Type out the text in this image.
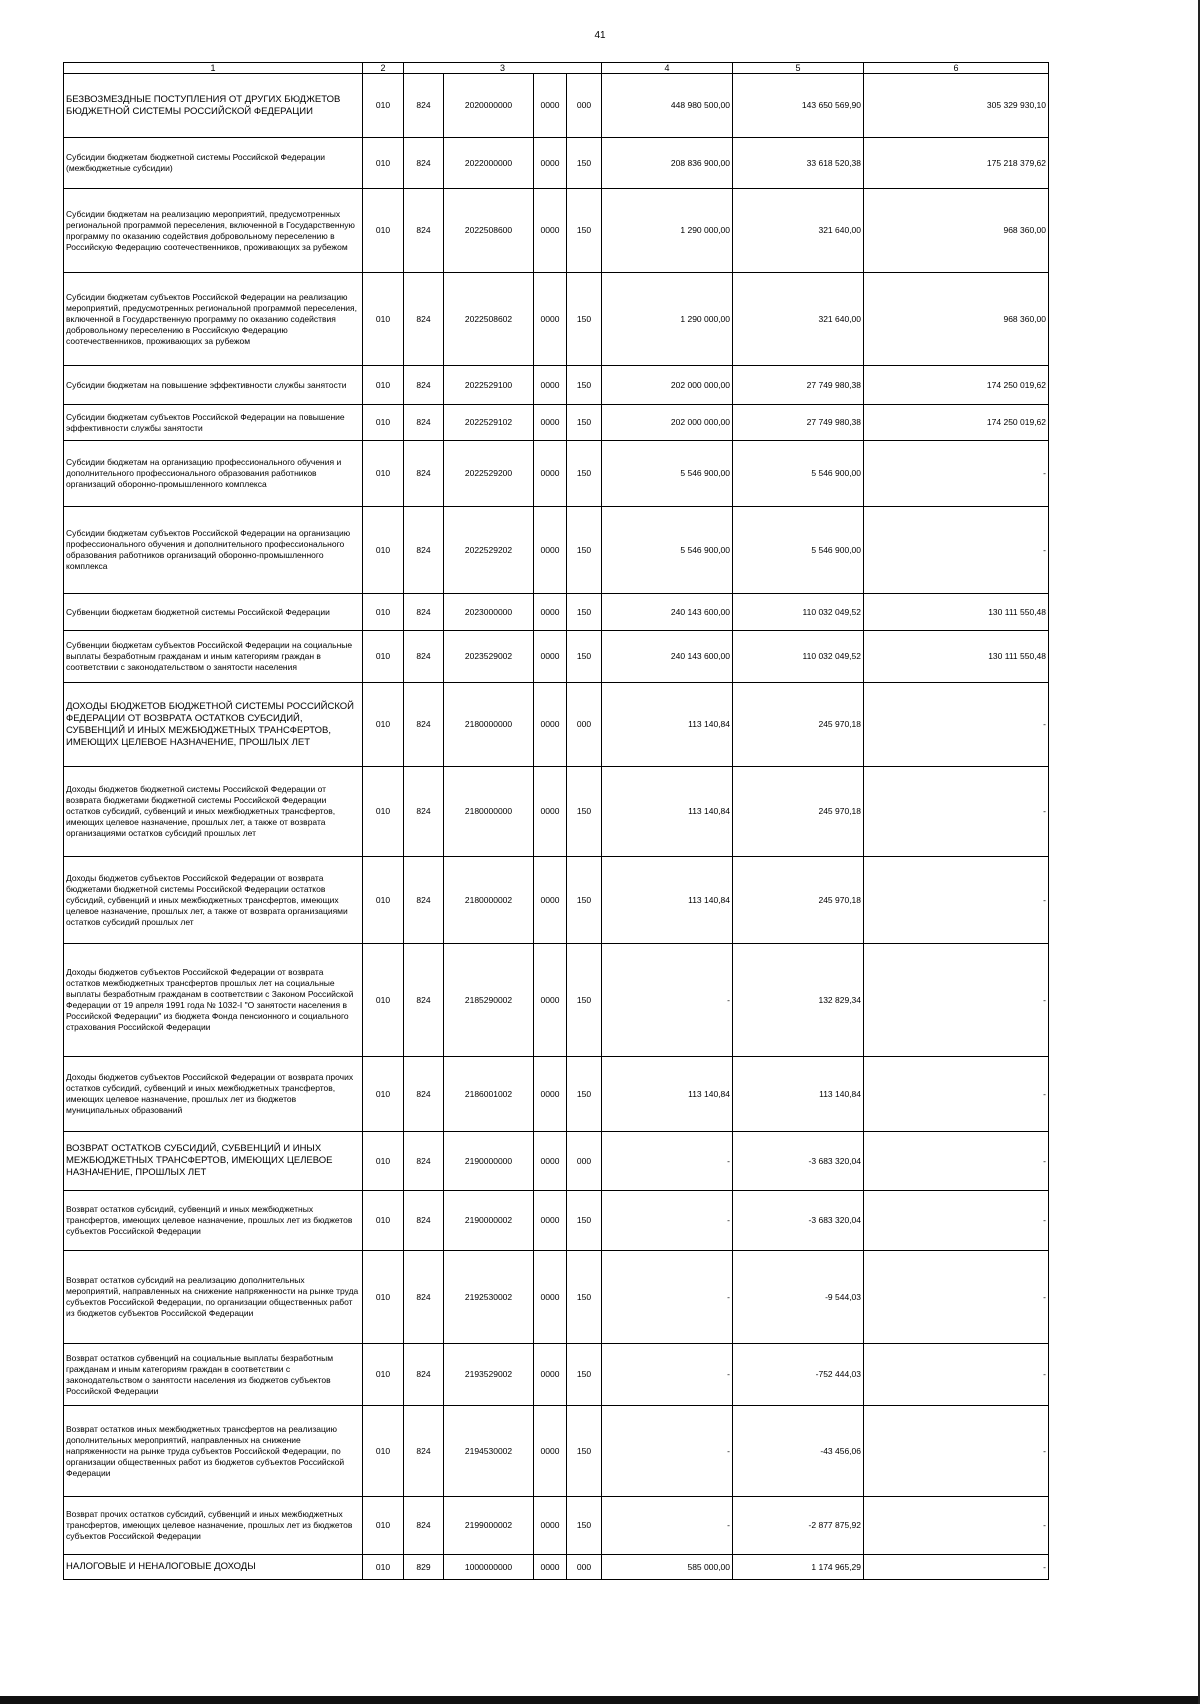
41
1	2	3				4	5	6
БЕЗВОЗМЕЗДНЫЕ ПОСТУПЛЕНИЯ ОТ ДРУГИХ БЮДЖЕТОВ БЮДЖЕТНОЙ СИСТЕМЫ РОССИЙСКОЙ ФЕДЕРАЦИИ	010	824	2020000000	0000	000	448 980 500,00	143 650 569,90	305 329 930,10
Субсидии бюджетам бюджетной системы Российской Федерации (межбюджетные субсидии)	010	824	2022000000	0000	150	208 836 900,00	33 618 520,38	175 218 379,62
Субсидии бюджетам на реализацию мероприятий, предусмотренных региональной программой переселения, включенной в Государственную программу по оказанию содействия добровольному переселению в Российскую Федерацию соотечественников, проживающих за рубежом	010	824	2022508600	0000	150	1 290 000,00	321 640,00	968 360,00
Субсидии бюджетам субъектов Российской Федерации на реализацию мероприятий, предусмотренных региональной программой переселения, включенной в Государственную программу по оказанию содействия добровольному переселению в Российскую Федерацию соотечественников, проживающих за рубежом	010	824	2022508602	0000	150	1 290 000,00	321 640,00	968 360,00
Субсидии бюджетам на повышение эффективности службы занятости	010	824	2022529100	0000	150	202 000 000,00	27 749 980,38	174 250 019,62
Субсидии бюджетам субъектов Российской Федерации на повышение эффективности службы занятости	010	824	2022529102	0000	150	202 000 000,00	27 749 980,38	174 250 019,62
Субсидии бюджетам на организацию профессионального обучения и дополнительного профессионального образования работников организаций оборонно-промышленного комплекса	010	824	2022529200	0000	150	5 546 900,00	5 546 900,00	-
Субсидии бюджетам субъектов Российской Федерации на организацию профессионального обучения и дополнительного профессионального образования работников организаций оборонно-промышленного комплекса	010	824	2022529202	0000	150	5 546 900,00	5 546 900,00	-
Субвенции бюджетам бюджетной системы Российской Федерации	010	824	2023000000	0000	150	240 143 600,00	110 032 049,52	130 111 550,48
Субвенции бюджетам субъектов Российской Федерации на социальные выплаты безработным гражданам и иным категориям граждан в соответствии с законодательством о занятости населения	010	824	2023529002	0000	150	240 143 600,00	110 032 049,52	130 111 550,48
ДОХОДЫ БЮДЖЕТОВ БЮДЖЕТНОЙ СИСТЕМЫ РОССИЙСКОЙ ФЕДЕРАЦИИ ОТ ВОЗВРАТА ОСТАТКОВ СУБСИДИЙ, СУБВЕНЦИЙ И ИНЫХ МЕЖБЮДЖЕТНЫХ ТРАНСФЕРТОВ, ИМЕЮЩИХ ЦЕЛЕВОЕ НАЗНАЧЕНИЕ, ПРОШЛЫХ ЛЕТ	010	824	2180000000	0000	000	113 140,84	245 970,18	-
Доходы бюджетов бюджетной системы Российской Федерации от возврата бюджетами бюджетной системы Российской Федерации остатков субсидий, субвенций и иных межбюджетных трансфертов, имеющих целевое назначение, прошлых лет, а также от возврата организациями остатков субсидий прошлых лет	010	824	2180000000	0000	150	113 140,84	245 970,18	-
Доходы бюджетов субъектов Российской Федерации от возврата бюджетами бюджетной системы Российской Федерации остатков субсидий, субвенций и иных межбюджетных трансфертов, имеющих целевое назначение, прошлых лет, а также от возврата организациями остатков субсидий прошлых лет	010	824	2180000002	0000	150	113 140,84	245 970,18	-
Доходы бюджетов субъектов Российской Федерации от возврата остатков межбюджетных трансфертов прошлых лет на социальные выплаты безработным гражданам в соответствии с Законом Российской Федерации от 19 апреля 1991 года № 1032-I "О занятости населения в Российской Федерации" из бюджета Фонда пенсионного и социального страхования Российской Федерации	010	824	2185290002	0000	150	-	132 829,34	-
Доходы бюджетов субъектов Российской Федерации от возврата прочих остатков субсидий, субвенций и иных межбюджетных трансфертов, имеющих целевое назначение, прошлых лет из бюджетов муниципальных образований	010	824	2186001002	0000	150	113 140,84	113 140,84	-
ВОЗВРАТ ОСТАТКОВ СУБСИДИЙ, СУБВЕНЦИЙ И ИНЫХ МЕЖБЮДЖЕТНЫХ ТРАНСФЕРТОВ, ИМЕЮЩИХ ЦЕЛЕВОЕ НАЗНАЧЕНИЕ, ПРОШЛЫХ ЛЕТ	010	824	2190000000	0000	000	-	-3 683 320,04	-
Возврат остатков субсидий, субвенций и иных межбюджетных трансфертов, имеющих целевое назначение, прошлых лет из бюджетов субъектов Российской Федерации	010	824	2190000002	0000	150	-	-3 683 320,04	-
Возврат остатков субсидий на реализацию дополнительных мероприятий, направленных на снижение напряженности на рынке труда субъектов Российской Федерации, по организации общественных работ из бюджетов субъектов Российской Федерации	010	824	2192530002	0000	150	-	-9 544,03	-
Возврат остатков субвенций на социальные выплаты безработным гражданам и иным категориям граждан в соответствии с законодательством о занятости населения из бюджетов субъектов Российской Федерации	010	824	2193529002	0000	150	-	-752 444,03	-
Возврат остатков иных межбюджетных трансфертов на реализацию дополнительных мероприятий, направленных на снижение напряженности на рынке труда субъектов Российской Федерации, по организации общественных работ из бюджетов субъектов Российской Федерации	010	824	2194530002	0000	150	-	-43 456,06	-
Возврат прочих остатков субсидий, субвенций и иных межбюджетных трансфертов, имеющих целевое назначение, прошлых лет из бюджетов субъектов Российской Федерации	010	824	2199000002	0000	150	-	-2 877 875,92	-
НАЛОГОВЫЕ И НЕНАЛОГОВЫЕ ДОХОДЫ	010	829	1000000000	0000	000	585 000,00	1 174 965,29	-
